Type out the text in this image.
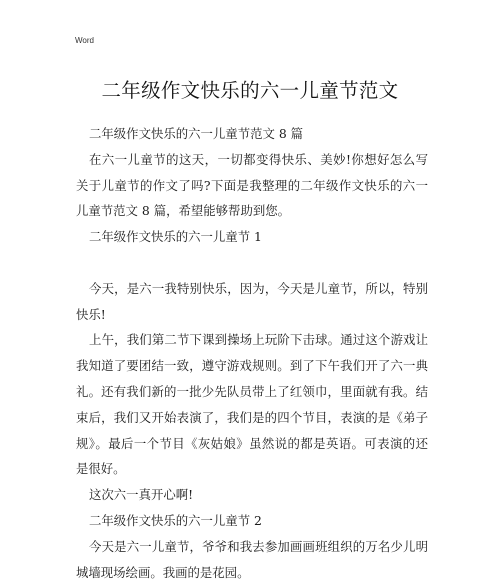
Word
二年级作文快乐的六一儿童节范文

二年级作文快乐的六一儿童节范文 8 篇

在六一儿童节的这天，一切都变得快乐、美妙!你想好怎么写关于儿童节的作文了吗?下面是我整理的二年级作文快乐的六一儿童节范文 8 篇，希望能够帮助到您。

二年级作文快乐的六一儿童节 1

今天，是六一我特别快乐，因为，今天是儿童节，所以，特别快乐!

上午，我们第二节下课到操场上玩阶下击球。通过这个游戏让我知道了要团结一致，遵守游戏规则。到了下午我们开了六一典礼。还有我们新的一批少先队员带上了红领巾，里面就有我。结束后，我们又开始表演了，我们是的四个节目，表演的是《弟子规》。最后一个节目《灰姑娘》虽然说的都是英语。可表演的还是很好。

这次六一真开心啊!

二年级作文快乐的六一儿童节 2

今天是六一儿童节，爷爷和我去参加画画班组织的万名少儿明城墙现场绘画。我画的是花园。
